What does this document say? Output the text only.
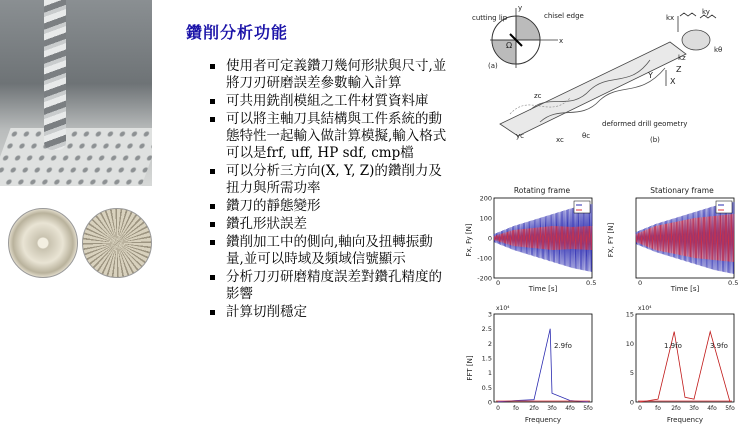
鑽削分析功能
使用者可定義鑽刀幾何形狀與尺寸,並將刀刃研磨誤差參數輸入計算
可共用銑削模組之工件材質資料庫
可以將主軸刀具結構與工件系統的動態特性一起輸入做計算模擬,輸入格式可以是frf, uff, HP sdf, cmp檔
可以分析三方向(X, Y, Z)的鑽削力及扭力與所需功率
鑽刀的靜態變形
鑽孔形狀誤差
鑽削加工中的側向,軸向及扭轉振動量,並可以時域及頻域信號顯示
分析刀刃研磨精度誤差對鑽孔精度的影響
計算切削穩定
cutting lip	chisel edge
Ω	x
y
(a)
kx
ky
kθ
kz
X
Y
Z
zc
yc	xc	θc
deformed drill geometry
(b)
Rotating frame	Stationary frame
Fx, Fy [N]	FX, FY [N]
200
100
0
-100
-200
0	0.5	0	0.5
Time [s]	Time [s]
FFT [N]
x10⁴	x10⁴
3
2.5
2
1.5
1
0.5
0
15
10
5
0
0	0
fo	fo
2fo	2fo
3fo	3fo
4fo	4fo
5fo	5fo
2.9fo	1.9fo	3.9fo
Frequency	Frequency
